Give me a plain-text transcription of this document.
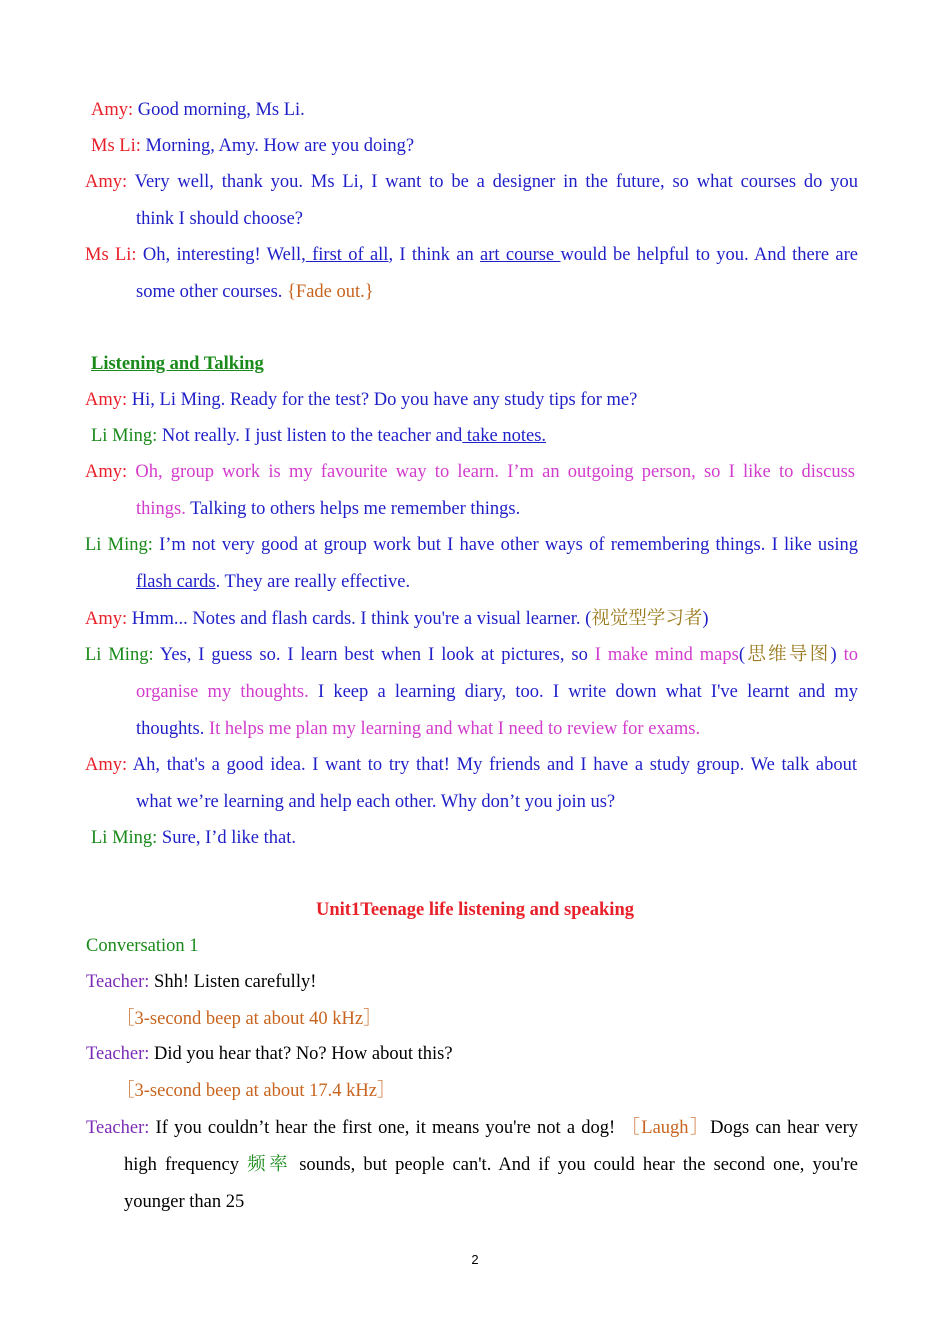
Amy: Good morning, Ms Li.
Ms Li: Morning, Amy. How are you doing?
Amy: Very well, thank you. Ms Li, I want to be a designer in the future, so what courses do you
think I should choose?
Ms Li: Oh, interesting! Well, first of all, I think an art course would be helpful to you. And there are
some other courses. {Fade out.}
Listening and Talking
Amy: Hi, Li Ming. Ready for the test? Do you have any study tips for me?
Li Ming: Not really. I just listen to the teacher and take notes.
Amy: Oh, group work is my favourite way to learn. I’m an outgoing person, so I like to discuss
things. Talking to others helps me remember things.
Li Ming: I’m not very good at group work but I have other ways of remembering things. I like using
flash cards. They are really effective.
Amy: Hmm... Notes and flash cards. I think you're a visual learner. (视觉型学习者)
Li Ming: Yes, I guess so. I learn best when I look at pictures, so I make mind maps(思维导图) to
organise my thoughts. I keep a learning diary, too. I write down what I've learnt and my
thoughts. It helps me plan my learning and what I need to review for exams.
Amy: Ah, that's a good idea. I want to try that! My friends and I have a study group. We talk about
what we’re learning and help each other. Why don’t you join us?
Li Ming: Sure, I’d like that.
Unit1Teenage life listening and speaking
Conversation 1
Teacher: Shh! Listen carefully!
［3-second beep at about 40 kHz］
Teacher: Did you hear that? No? How about this?
［3-second beep at about 17.4 kHz］
Teacher: If you couldn’t hear the first one, it means you're not a dog! ［Laugh］Dogs can hear very
high frequency 频率 sounds, but people can't. And if you could hear the second one, you're
younger than 25
2
